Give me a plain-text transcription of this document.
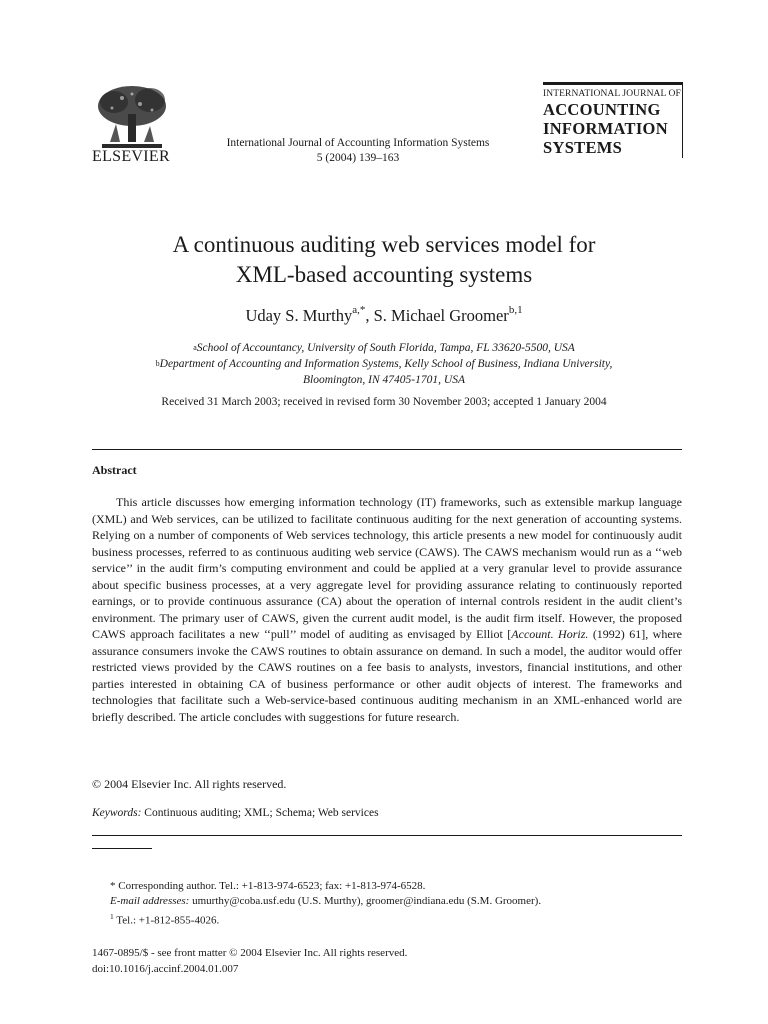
ELSEVIER
International Journal of Accounting Information Systems
5 (2004) 139–163
INTERNATIONAL JOURNAL OF
ACCOUNTING
INFORMATION
SYSTEMS
A continuous auditing web services model for
XML-based accounting systems
Uday S. Murthy$^{a,*}$, S. Michael Groomer$^{b,1}$
$^a$School of Accountancy, University of South Florida, Tampa, FL 33620-5500, USA
$^b$Department of Accounting and Information Systems, Kelly School of Business, Indiana University,
Bloomington, IN 47405-1701, USA
Received 31 March 2003; received in revised form 30 November 2003; accepted 1 January 2004
Abstract
This article discusses how emerging information technology (IT) frameworks, such as extensible markup language (XML) and Web services, can be utilized to facilitate continuous auditing for the next generation of accounting systems. Relying on a number of components of Web services technology, this article presents a new model for continuously audit business processes, referred to as continuous auditing web service (CAWS). The CAWS mechanism would run as a ‘‘web service’’ in the audit firm’s computing environment and could be applied at a very granular level to provide assurance about specific business processes, at a very aggregate level for providing assurance relating to continuously reported earnings, or to provide continuous assurance (CA) about the operation of internal controls resident in the audit client’s environment. The primary user of CAWS, given the current audit model, is the audit firm itself. However, the proposed CAWS approach facilitates a new ‘‘pull’’ model of auditing as envisaged by Elliot [Account. Horiz. (1992) 61], where assurance consumers invoke the CAWS routines to obtain assurance on demand. In such a model, the auditor would offer restricted views provided by the CAWS routines on a fee basis to analysts, investors, financial institutions, and other parties interested in obtaining CA of business performance or other audit objects of interest. The frameworks and technologies that facilitate such a Web-service-based continuous auditing mechanism in an XML-enhanced world are briefly described. The article concludes with suggestions for future research.
© 2004 Elsevier Inc. All rights reserved.
Keywords: Continuous auditing; XML; Schema; Web services
* Corresponding author. Tel.: +1-813-974-6523; fax: +1-813-974-6528.
E-mail addresses: umurthy@coba.usf.edu (U.S. Murthy), groomer@indiana.edu (S.M. Groomer).
$^1$ Tel.: +1-812-855-4026.
1467-0895/$ - see front matter © 2004 Elsevier Inc. All rights reserved.
doi:10.1016/j.accinf.2004.01.007
